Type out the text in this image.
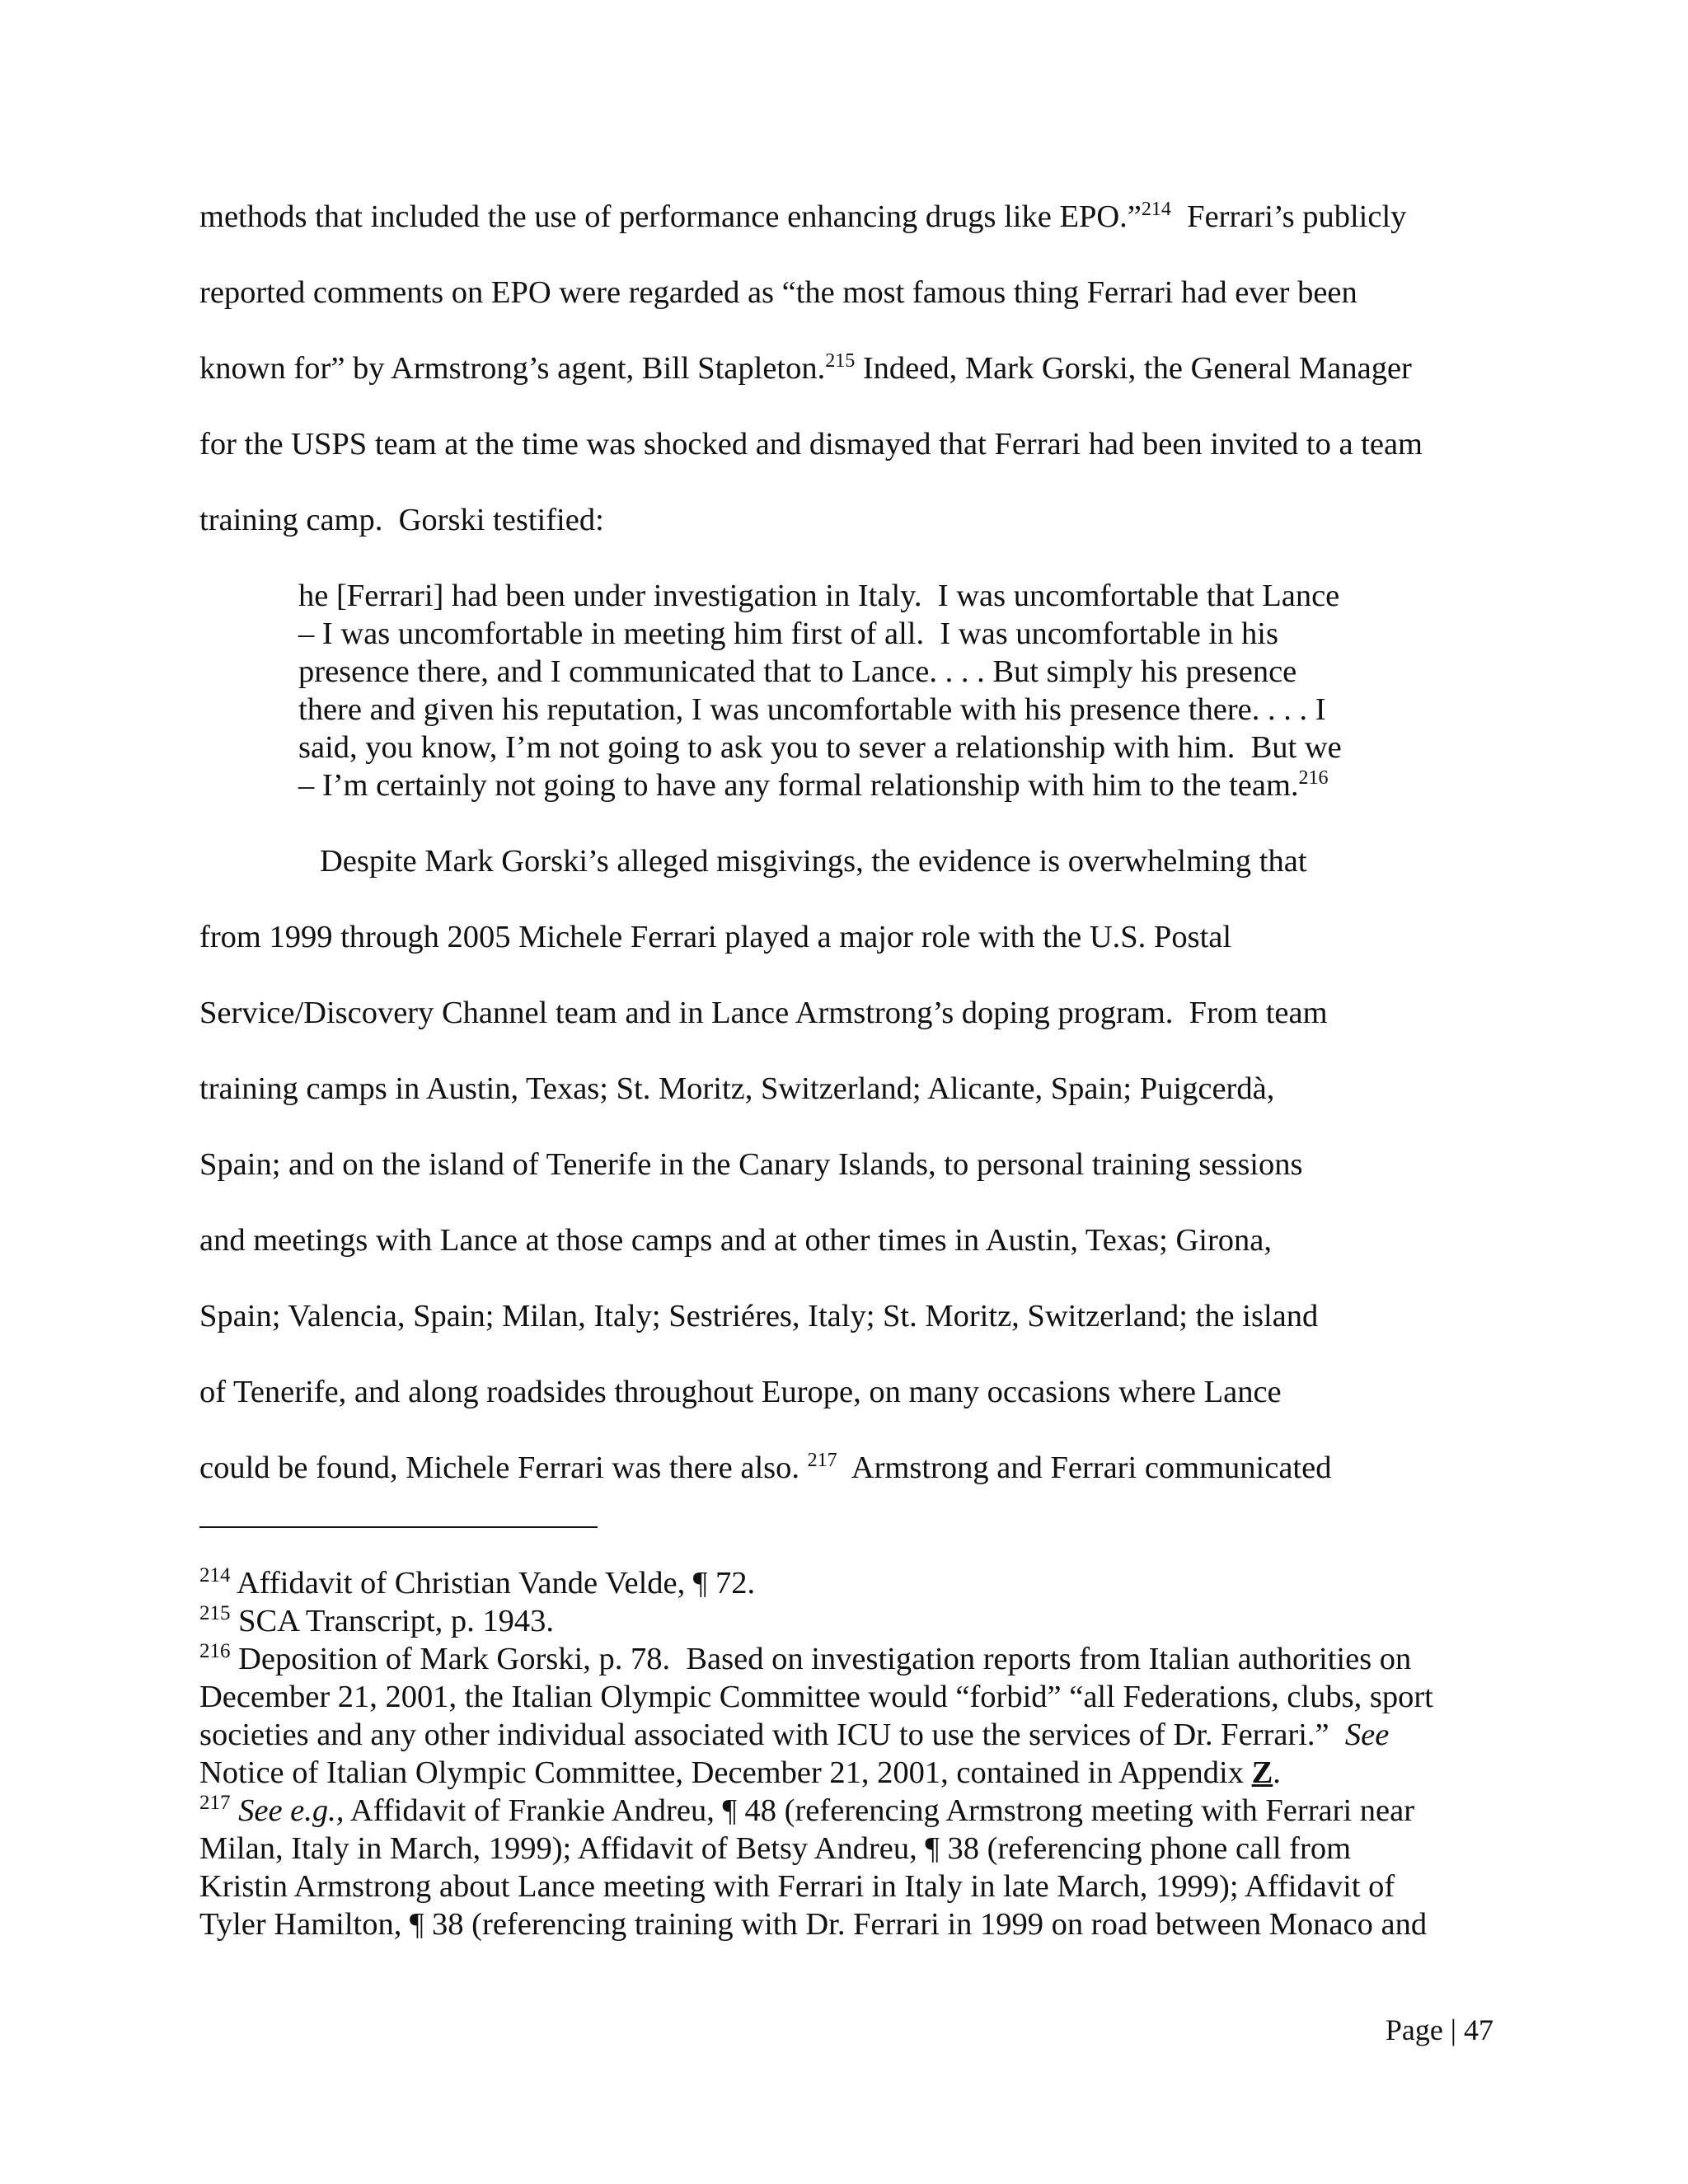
methods that included the use of performance enhancing drugs like EPO.”$^{214}$  Ferrari’s publicly
reported comments on EPO were regarded as “the most famous thing Ferrari had ever been
known for” by Armstrong’s agent, Bill Stapleton.$^{215}$ Indeed, Mark Gorski, the General Manager
for the USPS team at the time was shocked and dismayed that Ferrari had been invited to a team
training camp.  Gorski testified:
he [Ferrari] had been under investigation in Italy.  I was uncomfortable that Lance
– I was uncomfortable in meeting him first of all.  I was uncomfortable in his
presence there, and I communicated that to Lance. . . . But simply his presence
there and given his reputation, I was uncomfortable with his presence there. . . . I
said, you know, I’m not going to ask you to sever a relationship with him.  But we
– I’m certainly not going to have any formal relationship with him to the team.$^{216}$
Despite Mark Gorski’s alleged misgivings, the evidence is overwhelming that
from 1999 through 2005 Michele Ferrari played a major role with the U.S. Postal
Service/Discovery Channel team and in Lance Armstrong’s doping program.  From team
training camps in Austin, Texas; St. Moritz, Switzerland; Alicante, Spain; Puigcerdà,
Spain; and on the island of Tenerife in the Canary Islands, to personal training sessions
and meetings with Lance at those camps and at other times in Austin, Texas; Girona,
Spain; Valencia, Spain; Milan, Italy; Sestriéres, Italy; St. Moritz, Switzerland; the island
of Tenerife, and along roadsides throughout Europe, on many occasions where Lance
could be found, Michele Ferrari was there also. $^{217}$  Armstrong and Ferrari communicated
$^{214}$ Affidavit of Christian Vande Velde, ¶ 72.
$^{215}$ SCA Transcript, p. 1943.
$^{216}$ Deposition of Mark Gorski, p. 78.  Based on investigation reports from Italian authorities on
December 21, 2001, the Italian Olympic Committee would “forbid” “all Federations, clubs, sport
societies and any other individual associated with ICU to use the services of Dr. Ferrari.”  See
Notice of Italian Olympic Committee, December 21, 2001, contained in Appendix Z.
$^{217}$ See e.g., Affidavit of Frankie Andreu, ¶ 48 (referencing Armstrong meeting with Ferrari near
Milan, Italy in March, 1999); Affidavit of Betsy Andreu, ¶ 38 (referencing phone call from
Kristin Armstrong about Lance meeting with Ferrari in Italy in late March, 1999); Affidavit of
Tyler Hamilton, ¶ 38 (referencing training with Dr. Ferrari in 1999 on road between Monaco and
Page | 47
